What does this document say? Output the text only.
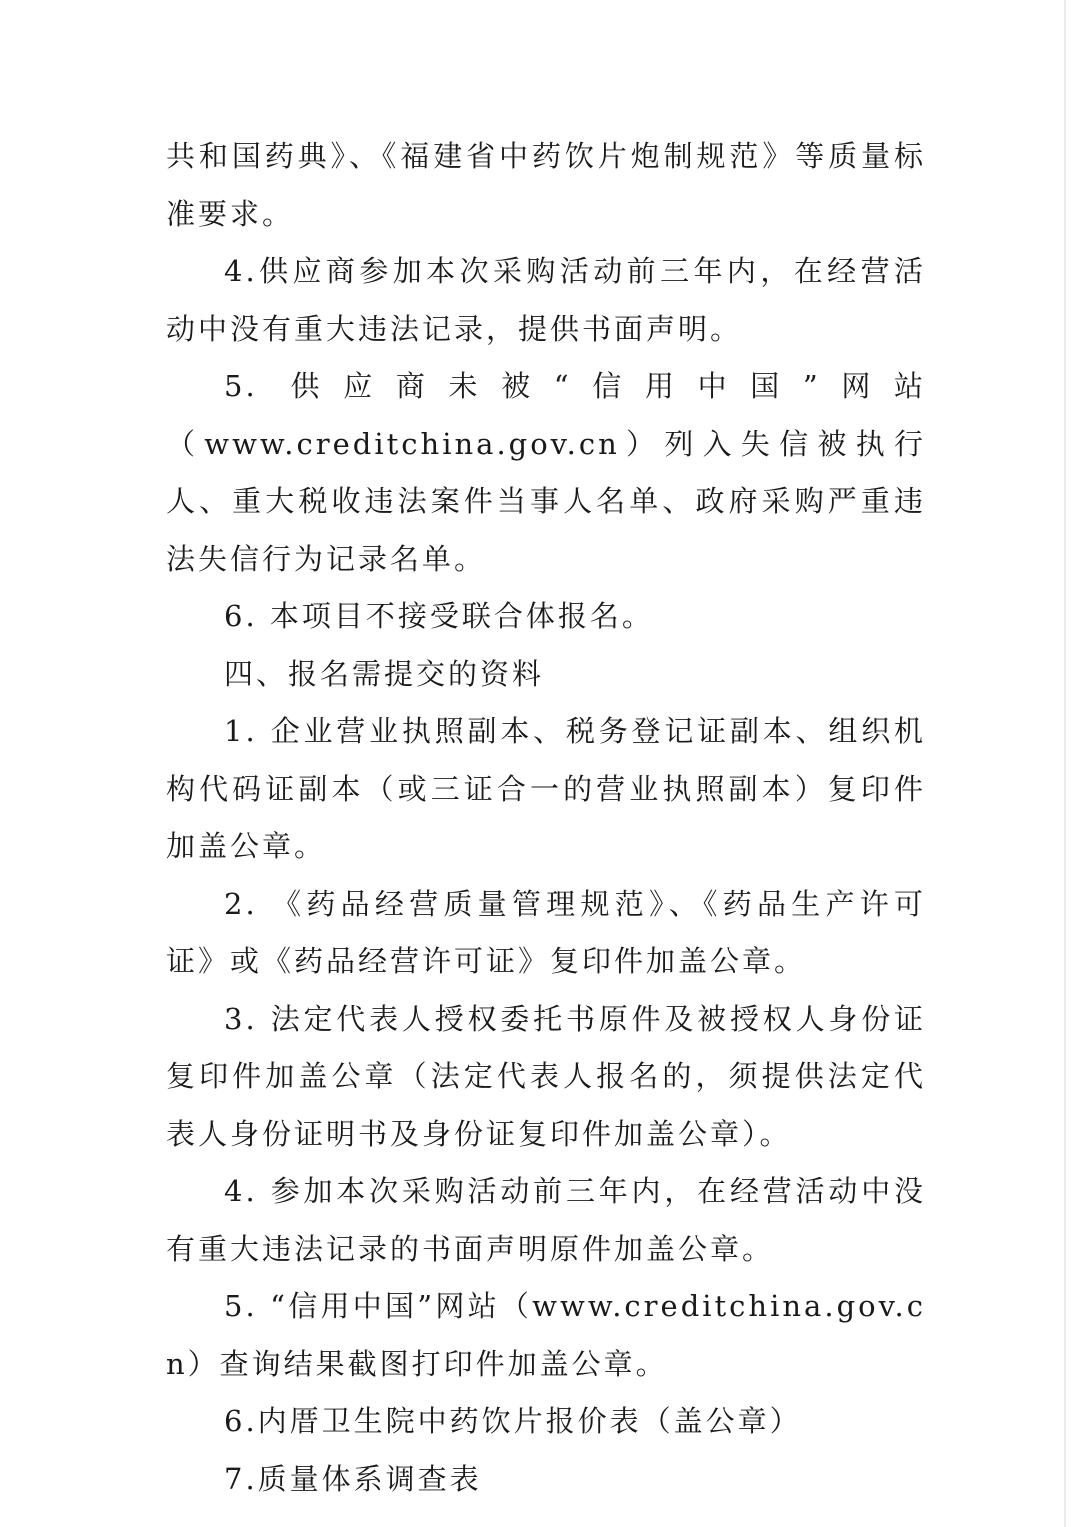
共和国药典》、《福建省中药饮片炮制规范》等质量标准要求。

4.供应商参加本次采购活动前三年内，在经营活动中没有重大违法记录，提供书面声明。

5. 供应商未被“信用中国”网站

（www.creditchina.gov.cn）列入失信被执行人、重大税收违法案件当事人名单、政府采购严重违法失信行为记录名单。

6. 本项目不接受联合体报名。

四、报名需提交的资料

1. 企业营业执照副本、税务登记证副本、组织机构代码证副本（或三证合一的营业执照副本）复印件加盖公章。

2. 《药品经营质量管理规范》、《药品生产许可证》或《药品经营许可证》复印件加盖公章。

3. 法定代表人授权委托书原件及被授权人身份证复印件加盖公章（法定代表人报名的，须提供法定代表人身份证明书及身份证复印件加盖公章）。

4. 参加本次采购活动前三年内，在经营活动中没有重大违法记录的书面声明原件加盖公章。

5. “信用中国”网站（www.creditchina.gov.cn）查询结果截图打印件加盖公章。

6.内厝卫生院中药饮片报价表（盖公章）

7.质量体系调查表
